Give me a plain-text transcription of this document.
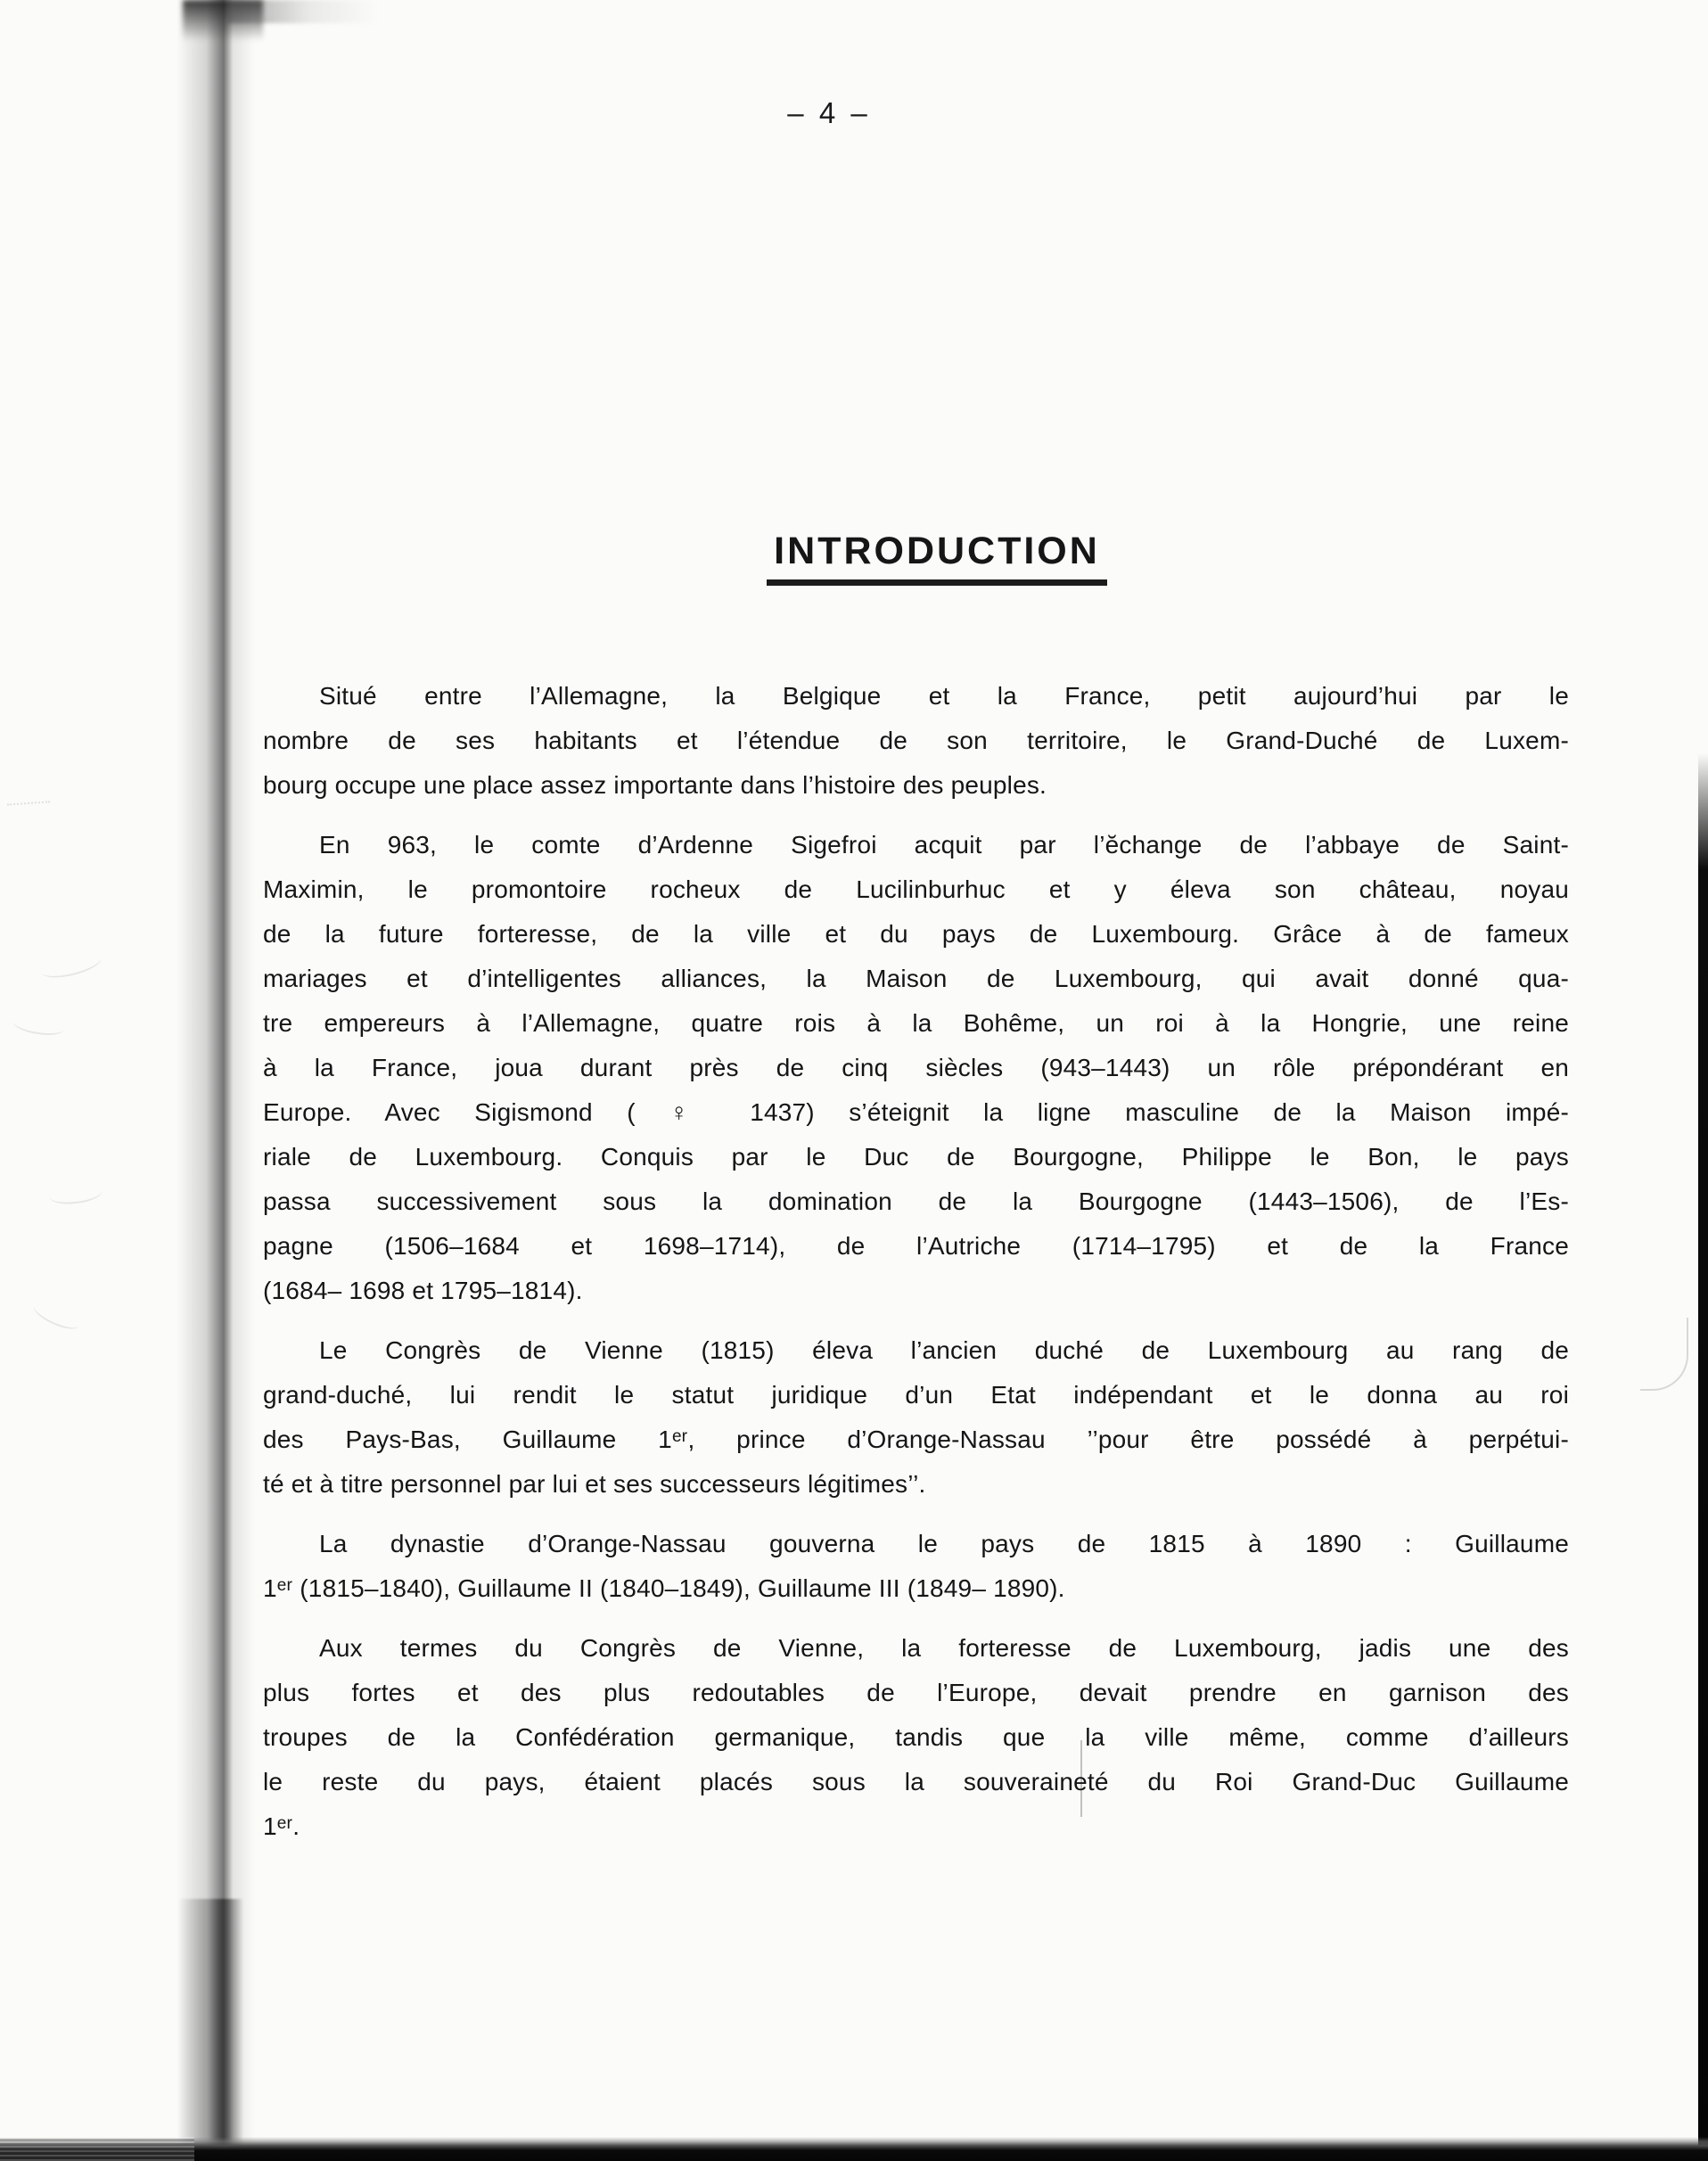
– 4 –
INTRODUCTION
Situé entre l’Allemagne, la Belgique et la France, petit aujourd’hui par le
nombre de ses habitants et l’étendue de son territoire, le Grand-Duché de Luxem-
bourg occupe une place assez importante dans l’histoire des peuples.
En 963, le comte d’Ardenne Sigefroi acquit par l’ĕchange de l’abbaye de Saint-
Maximin, le promontoire rocheux de Lucilinburhuc et y éleva son château, noyau
de la future forteresse, de la ville et du pays de Luxembourg. Grâce à de fameux
mariages et d’intelligentes alliances, la Maison de Luxembourg, qui avait donné qua-
tre empereurs à l’Allemagne, quatre rois à la Bohême, un roi à la Hongrie, une reine
à la France, joua durant près de cinq siècles (943–1443) un rôle prépondérant en
Europe. Avec Sigismond ( ♀ 1437) s’éteignit la ligne masculine de la Maison impé-
riale de Luxembourg. Conquis par le Duc de Bourgogne, Philippe le Bon, le pays
passa successivement sous la domination de la Bourgogne (1443–1506), de l’Es-
pagne (1506–1684 et 1698–1714), de l’Autriche (1714–1795) et de la France
(1684– 1698 et 1795–1814).
Le Congrès de Vienne (1815) éleva l’ancien duché de Luxembourg au rang de
grand-duché, lui rendit le statut juridique d’un Etat indépendant et le donna au roi
des Pays-Bas, Guillaume 1ᵉʳ, prince d’Orange-Nassau ’’pour être possédé à perpétui-
té et à titre personnel par lui et ses successeurs légitimes’’.
La dynastie d’Orange-Nassau gouverna le pays de 1815 à 1890 : Guillaume
1ᵉʳ (1815–1840), Guillaume II (1840–1849), Guillaume III (1849– 1890).
Aux termes du Congrès de Vienne, la forteresse de Luxembourg, jadis une des
plus fortes et des plus redoutables de l’Europe, devait prendre en garnison des
troupes de la Confédération germanique, tandis que la ville même, comme d’ailleurs
le reste du pays, étaient placés sous la souveraineté du Roi Grand-Duc Guillaume
1ᵉʳ.
